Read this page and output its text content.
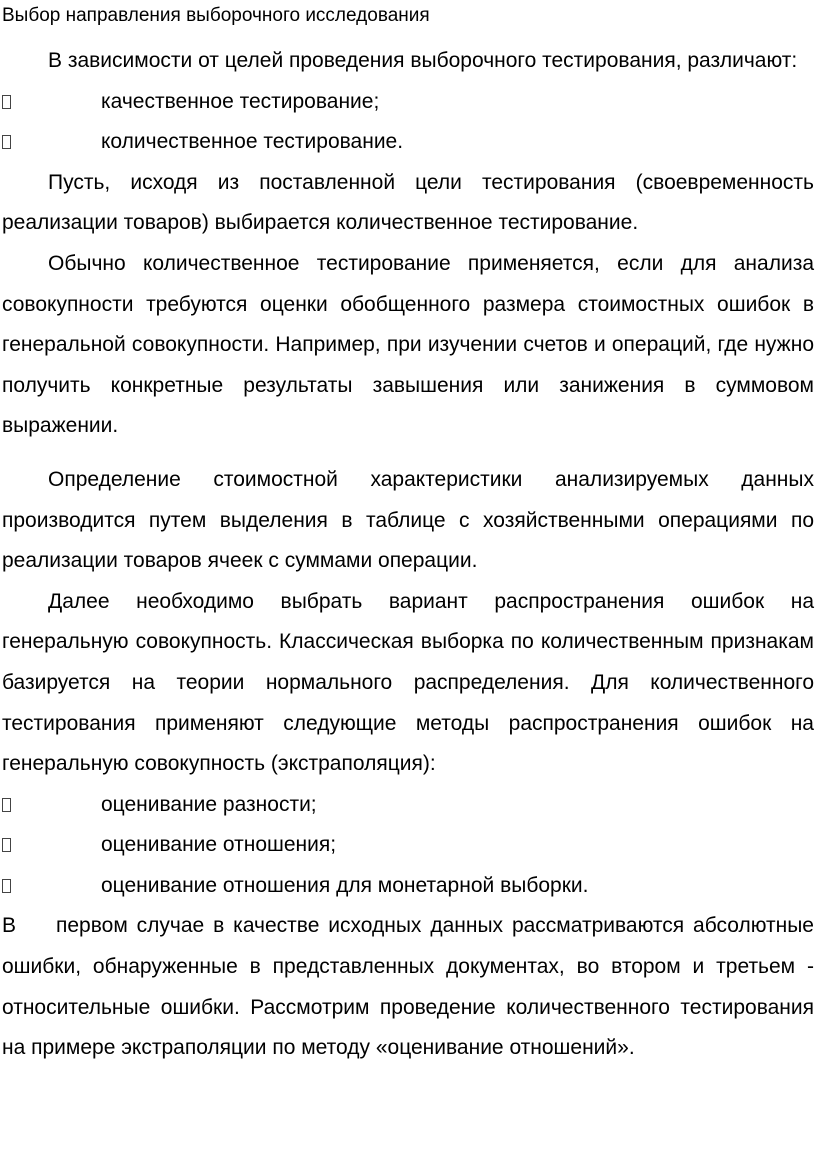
Выбор направления выборочного исследования

В зависимости от целей проведения выборочного тестирования, различают:

качественное тестирование;
количественное тестирование.

Пусть, исходя из поставленной цели тестирования (своевременность реализации товаров) выбирается количественное тестирование.

Обычно количественное тестирование применяется, если для анализа совокупности требуются оценки обобщенного размера стоимостных ошибок в генеральной совокупности. Например, при изучении счетов и операций, где нужно получить конкретные результаты завышения или занижения в суммовом выражении.

Определение стоимостной характеристики анализируемых данных производится путем выделения в таблице с хозяйственными операциями по реализации товаров ячеек с суммами операции.

Далее необходимо выбрать вариант распространения ошибок на генеральную совокупность. Классическая выборка по количественным признакам базируется на теории нормального распределения. Для количественного тестирования применяют следующие методы распространения ошибок на генеральную совокупность (экстраполяция):

оценивание разности;
оценивание отношения;
оценивание отношения для монетарной выборки.

В первом случае в качестве исходных данных рассматриваются абсолютные ошибки, обнаруженные в представленных документах, во втором и третьем - относительные ошибки. Рассмотрим проведение количественного тестирования на примере экстраполяции по методу «оценивание отношений».
